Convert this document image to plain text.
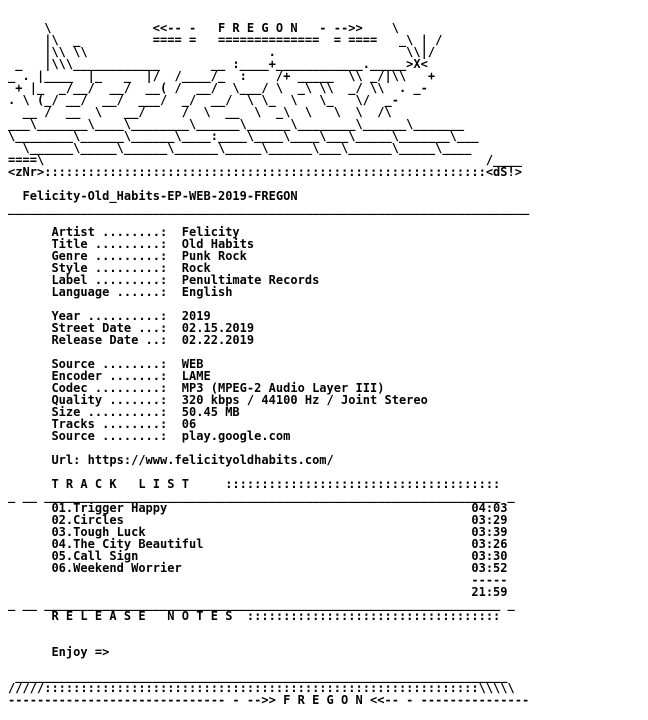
\              <<-- -   F R E G O N   - -->>    \
|\  _          ==== =   ==============  = ====   _\ | /
|\\ \\                         .                  \\|/
_   |\\\____________       __ :____+____________._____>X<
_ . |____  |_   _  |/  /____/_  :    /+ _____  \\ _/|\\   +
+ |_  _/__/  __/  __( /  __/  \___/ \  _\ \\  _/ \\  . _-
. \ (_/ __/  __/  ___/  _/  __/  \ \_  \   \_   \/  _-
__ /  __  \   __/     /  \  __  \  _\  \   \  \  /\
___\_______\____\________\______\______\________\______\_______
\________\______\______\____:____\____\____\___\_____\_______\___
\______\_____\______\______\_____\______\___\______\_____\____
====\                                                             /____
<zNr>:::::::::::::::::::::::::::::::::::::::::::::::::::::::::::::<dS!>
Felicity-Old_Habits-EP-WEB-2019-FREGON
________________________________________________________________________
Artist ........:  Felicity
Title .........:  Old Habits
Genre .........:  Punk Rock
Style .........:  Rock
Label .........:  Penultimate Records
Language ......:  English
Year ..........:  2019
Street Date ...:  02.15.2019
Release Date ..:  02.22.2019
Source ........:  WEB
Encoder .......:  LAME
Codec .........:  MP3 (MPEG-2 Audio Layer III)
Quality .......:  320 kbps / 44100 Hz / Joint Stereo
Size ..........:  50.45 MB
Tracks ........:  06
Source ........:  play.google.com
Url: https://www.felicityoldhabits.com/
T R A C K   L I S T     ::::::::::::::::::::::::::::::::::::::
_ __ _______________________________________________________________ _
01.Trigger Happy                                          04:03
02.Circles                                                03:29
03.Tough Luck                                             03:39
04.The City Beautiful                                     03:26
05.Call Sign                                              03:30
06.Weekend Worrier                                        03:52
-----
21:59
_ __ _______________________________________________________________ _
R E L E A S E   N O T E S  :::::::::::::::::::::::::::::::::::
Enjoy =>
____________________________________________________________________
/////::::::::::::::::::::::::::::::::::::::::::::::::::::::::::::\\\\\
------------------------------ - -->> F R E G O N <<-- - ---------------
